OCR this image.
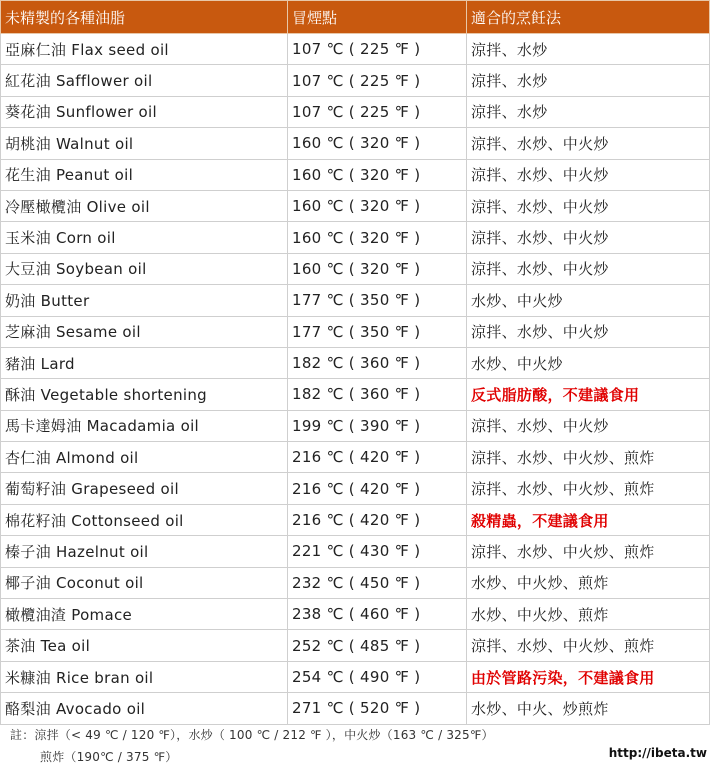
未精製的各種油脂	冒煙點	適合的烹飪法
亞麻仁油 Flax seed oil	107 ℃ ( 225 ℉ )	涼拌、水炒
紅花油 Safflower oil	107 ℃ ( 225 ℉ )	涼拌、水炒
葵花油 Sunflower oil	107 ℃ ( 225 ℉ )	涼拌、水炒
胡桃油 Walnut oil	160 ℃ ( 320 ℉ )	涼拌、水炒、中火炒
花生油 Peanut oil	160 ℃ ( 320 ℉ )	涼拌、水炒、中火炒
冷壓橄欖油 Olive oil	160 ℃ ( 320 ℉ )	涼拌、水炒、中火炒
玉米油 Corn oil	160 ℃ ( 320 ℉ )	涼拌、水炒、中火炒
大豆油 Soybean oil	160 ℃ ( 320 ℉ )	涼拌、水炒、中火炒
奶油 Butter	177 ℃ ( 350 ℉ )	水炒、中火炒
芝麻油 Sesame oil	177 ℃ ( 350 ℉ )	涼拌、水炒、中火炒
豬油 Lard	182 ℃ ( 360 ℉ )	水炒、中火炒
酥油 Vegetable shortening	182 ℃ ( 360 ℉ )	反式脂肪酸，不建議食用
馬卡達姆油 Macadamia oil	199 ℃ ( 390 ℉ )	涼拌、水炒、中火炒
杏仁油 Almond oil	216 ℃ ( 420 ℉ )	涼拌、水炒、中火炒、煎炸
葡萄籽油 Grapeseed oil	216 ℃ ( 420 ℉ )	涼拌、水炒、中火炒、煎炸
棉花籽油 Cottonseed oil	216 ℃ ( 420 ℉ )	殺精蟲，不建議食用
榛子油 Hazelnut oil	221 ℃ ( 430 ℉ )	涼拌、水炒、中火炒、煎炸
椰子油 Coconut oil	232 ℃ ( 450 ℉ )	水炒、中火炒、煎炸
橄欖油渣 Pomace	238 ℃ ( 460 ℉ )	水炒、中火炒、煎炸
茶油 Tea oil	252 ℃ ( 485 ℉ )	涼拌、水炒、中火炒、煎炸
米糠油 Rice bran oil	254 ℃ ( 490 ℉ )	由於管路污染，不建議食用
酪梨油 Avocado oil	271 ℃ ( 520 ℉ )	水炒、中火、炒煎炸
註：涼拌（< 49 ℃ / 120 ℉），水炒（ 100 ℃ / 212 ℉ ），中火炒（163 ℃ / 325℉）
煎炸（190℃ / 375 ℉）	http://ibeta.tw
